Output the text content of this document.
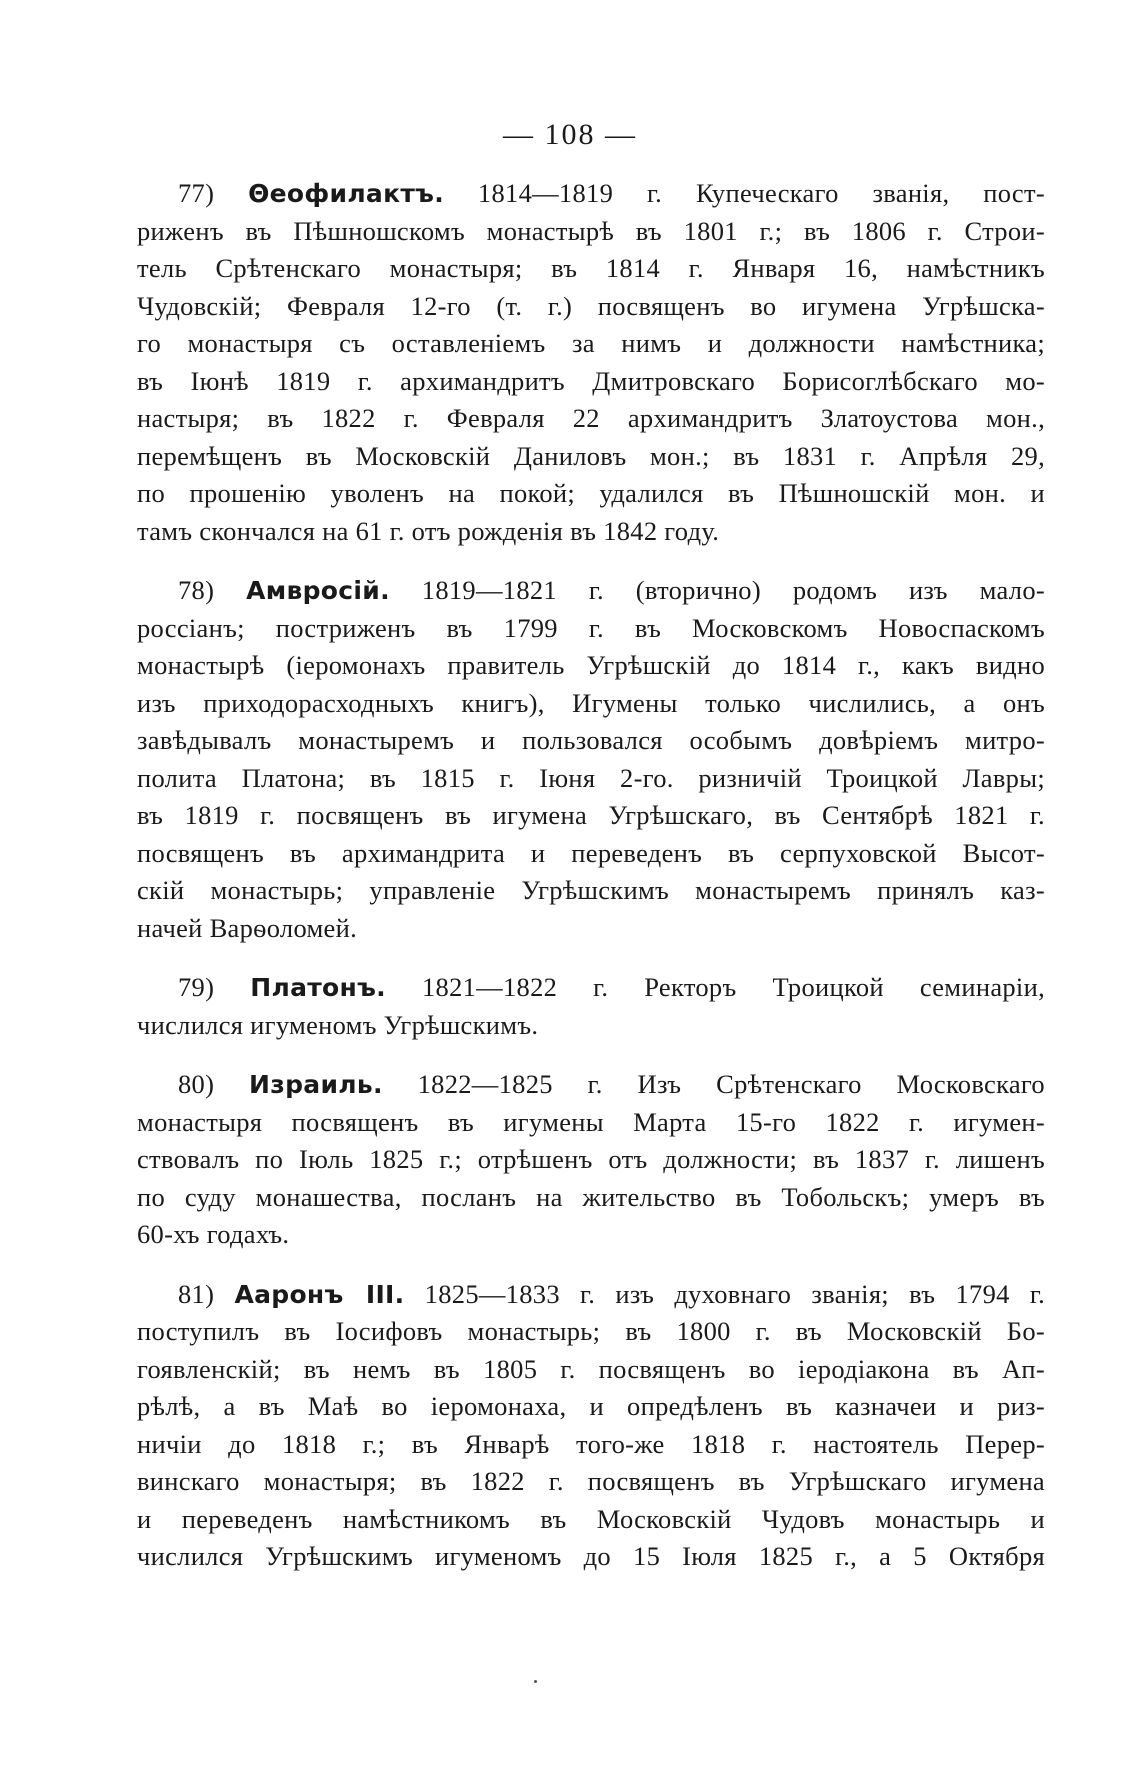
— 108 —
77) Θеофилактъ. 1814—1819 г. Купеческаго званія, пост-
риженъ въ Пѣшношскомъ монастырѣ въ 1801 г.; въ 1806 г. Строи-
тель Срѣтенскаго монастыря; въ 1814 г. Января 16, намѣстникъ
Чудовскій; Февраля 12-го (т. г.) посвященъ во игумена Угрѣшска-
го монастыря съ оставленіемъ за нимъ и должности намѣстника;
въ Іюнѣ 1819 г. архимандритъ Дмитровскаго Борисоглѣбскаго мо-
настыря; въ 1822 г. Февраля 22 архимандритъ Златоустова мон.,
перемѣщенъ въ Московскій Даниловъ мон.; въ 1831 г. Апрѣля 29,
по прошенію уволенъ на покой; удалился въ Пѣшношскій мон. и
тамъ скончался на 61 г. отъ рожденія въ 1842 году.
78) Амвросій. 1819—1821 г. (вторично) родомъ изъ мало-
россіанъ; постриженъ въ 1799 г. въ Московскомъ Новоспаскомъ
монастырѣ (іеромонахъ правитель Угрѣшскій до 1814 г., какъ видно
изъ приходорасходныхъ книгъ), Игумены только числились, а онъ
завѣдывалъ монастыремъ и пользовался особымъ довѣріемъ митро-
полита Платона; въ 1815 г. Іюня 2-го. ризничій Троицкой Лавры;
въ 1819 г. посвященъ въ игумена Угрѣшскаго, въ Сентябрѣ 1821 г.
посвященъ въ архимандрита и переведенъ въ серпуховской Высот-
скій монастырь; управленіе Угрѣшскимъ монастыремъ принялъ каз-
начей Варѳоломей.
79) Платонъ. 1821—1822 г. Ректоръ Троицкой семинаріи,
числился игуменомъ Угрѣшскимъ.
80) Израиль. 1822—1825 г. Изъ Срѣтенскаго Московскаго
монастыря посвященъ въ игумены Марта 15-го 1822 г. игумен-
ствовалъ по Іюль 1825 г.; отрѣшенъ отъ должности; въ 1837 г. лишенъ
по суду монашества, посланъ на жительство въ Тобольскъ; умеръ въ
60-хъ годахъ.
81) Ааронъ III. 1825—1833 г. изъ духовнаго званія; въ 1794 г.
поступилъ въ Іосифовъ монастырь; въ 1800 г. въ Московскій Бо-
гоявленскій; въ немъ въ 1805 г. посвященъ во іеродіакона въ Ап-
рѣлѣ, а въ Маѣ во іеромонаха, и опредѣленъ въ казначеи и риз-
ничіи до 1818 г.; въ Январѣ того-же 1818 г. настоятель Перер-
винскаго монастыря; въ 1822 г. посвященъ въ Угрѣшскаго игумена
и переведенъ намѣстникомъ въ Московскій Чудовъ монастырь и
числился Угрѣшскимъ игуменомъ до 15 Іюля 1825 г., а 5 Октября
